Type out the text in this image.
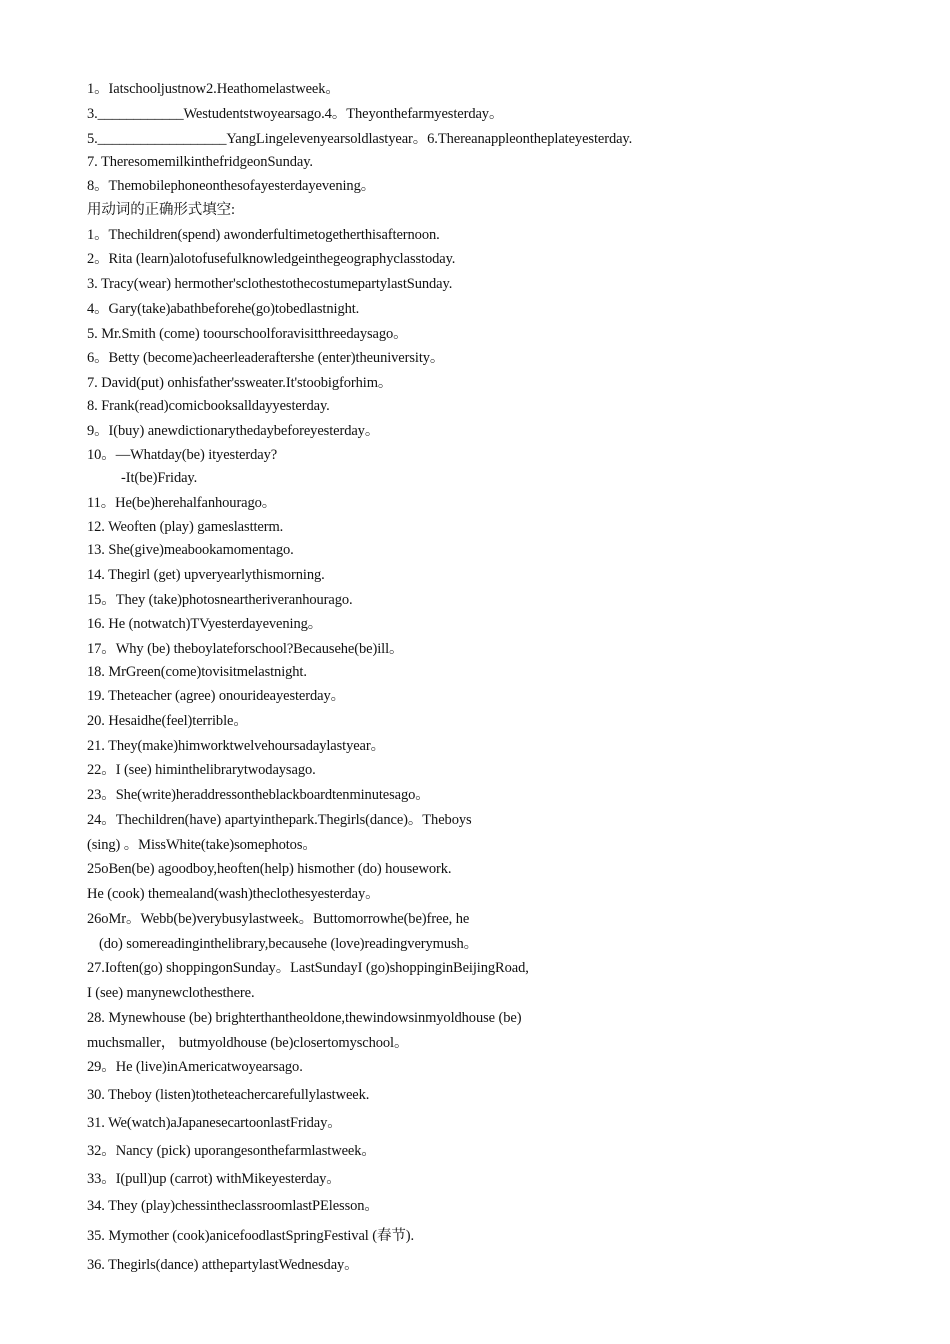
1。Iatschooljustnow2.Heathomelastweek。
3.____________Westudentstwoyearsago.4。Theyonthefarmyesterday。
5.__________________YangLingelevenyearsoldlastyear。6.Thereanappleontheplateyesterday.
7. TheresomemilkinthefridgeonSunday.
8。Themobilephoneonthesofayesterdayevening。
用动词的正确形式填空:
1。Thechildren(spend) awonderfultimetogetherthisafternoon.
2。Rita (learn)alotofusefulknowledgeinthegeographyclasstoday.
3. Tracy(wear) hermother'sclothestothecostumepartylastSunday.
4。Gary(take)abathbeforehe(go)tobedlastnight.
5. Mr.Smith (come) toourschoolforavisitthreedaysago。
6。Betty (become)acheerleaderaftershe (enter)theuniversity。
7. David(put) onhisfather'ssweater.It'stoobigforhim。
8. Frank(read)comicbooksalldayyesterday.
9。I(buy) anewdictionarythedaybeforeyesterday。
10。—Whatday(be) ityesterday?
-It(be)Friday.
11。He(be)herehalfanhourago。
12. Weoften (play) gameslastterm.
13. She(give)meabookamomentago.
14. Thegirl (get) upveryearlythismorning.
15。They (take)photosneartheriveranhourago.
16. He (notwatch)TVyesterdayevening。
17。Why (be) theboylateforschool?Becausehe(be)ill。
18. MrGreen(come)tovisitmelastnight.
19. Theteacher (agree) onourideayesterday。
20. Hesaidhe(feel)terrible。
21. They(make)himworktwelvehoursadaylastyear。
22。I (see) himinthelibrarytwodaysago.
23。She(write)heraddressontheblackboardtenminutesago。
24。Thechildren(have) apartyinthepark.Thegirls(dance)。Theboys
(sing) 。MissWhite(take)somephotos。
25oBen(be) agoodboy,heoften(help) hismother (do) housework.
He (cook) themealand(wash)theclothesyesterday。
26oMr。Webb(be)verybusylastweek。Buttomorrowhe(be)free, he
(do) somereadinginthelibrary,becausehe (love)readingverymush。
27.Ioften(go) shoppingonSunday。LastSundayI (go)shoppinginBeijingRoad,
I (see) manynewclothesthere.
28. Mynewhouse (be) brighterthantheoldone,thewindowsinmyoldhouse (be)
muchsmaller， butmyoldhouse (be)closertomyschool。
29。He (live)inAmericatwoyearsago.
30. Theboy (listen)totheteachercarefullylastweek.
31. We(watch)aJapanesecartoonlastFriday。
32。Nancy (pick) uporangesonthefarmlastweek。
33。I(pull)up (carrot) withMikeyesterday。
34. They (play)chessintheclassroomlastPElesson。
35. Mymother (cook)anicefoodlastSpringFestival (春节).
36. Thegirls(dance) atthepartylastWednesday。
